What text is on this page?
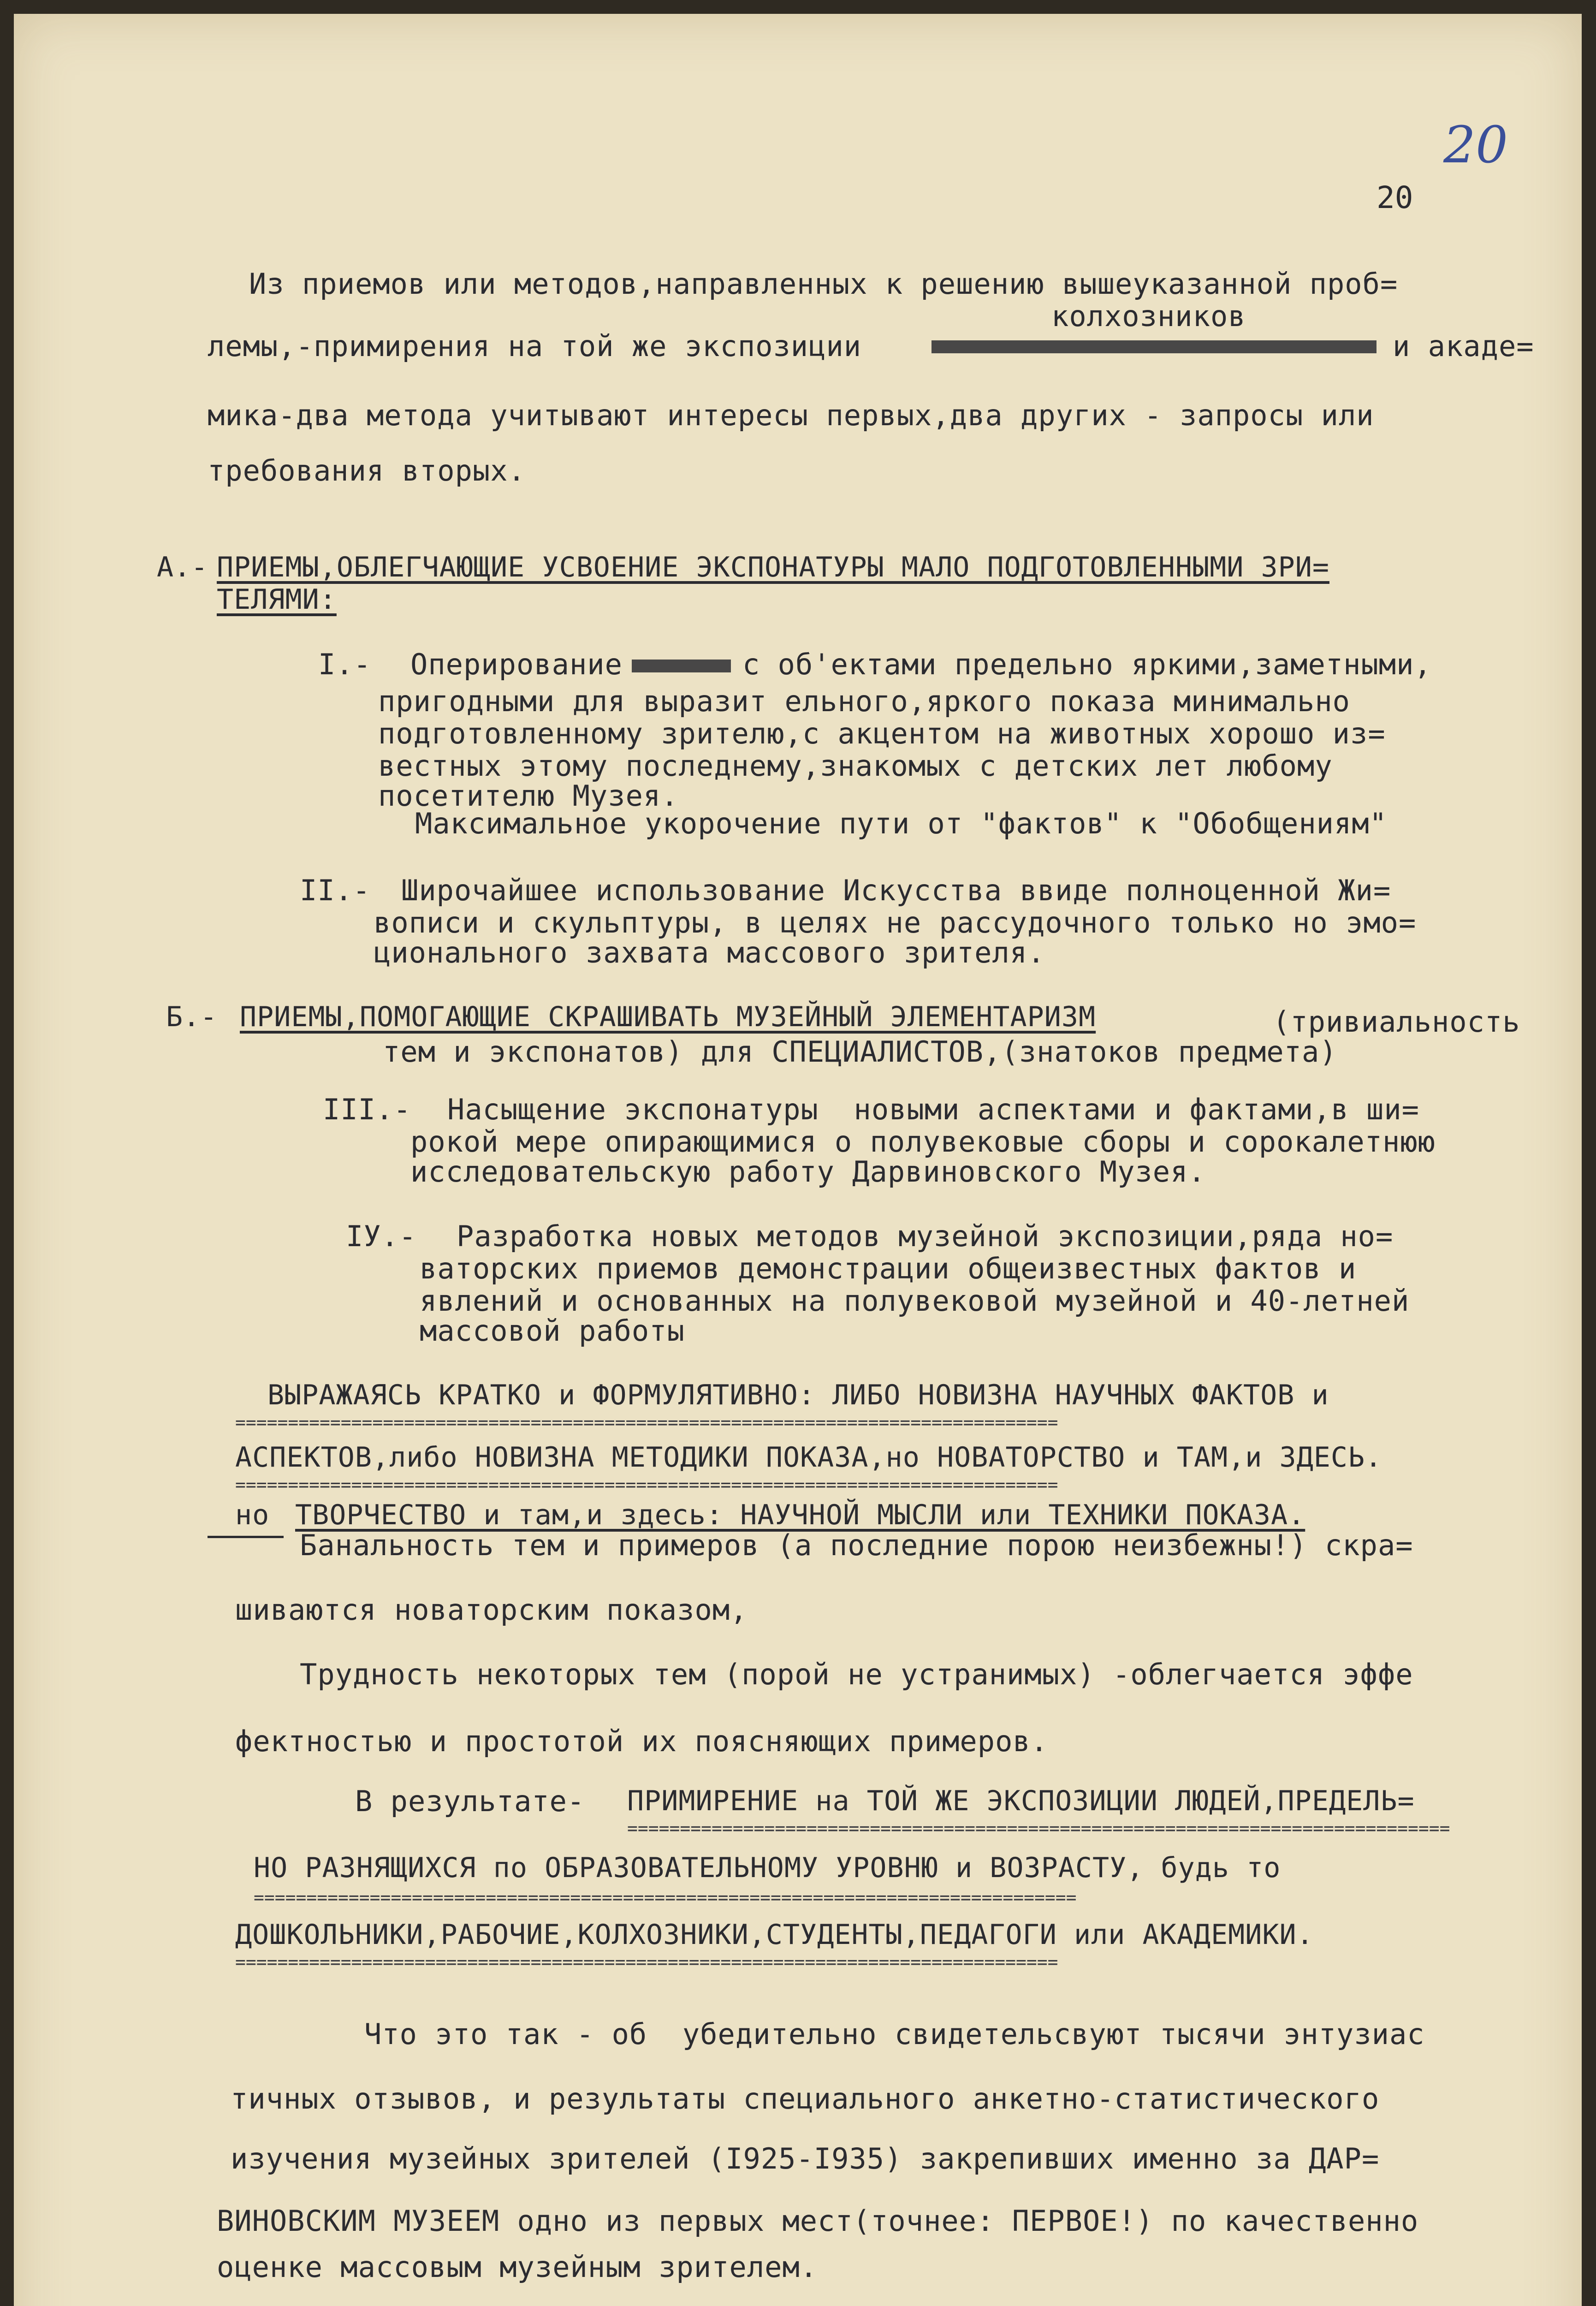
20
20
Из приемов или методов,направленных к решению вышеуказанной проб=
колхозников
лемы,-примирения на той же экспозиции	и акаде=
мика-два метода учитывают интересы первых,два других - запросы или
требования вторых.
А.- ПРИЕМЫ,ОБЛЕГЧАЮЩИЕ УСВОЕНИЕ ЭКСПОНАТУРЫ МАЛО ПОДГОТОВЛЕННЫМИ ЗРИ=
ТЕЛЯМИ:
I.- Оперирование	с об'ектами предельно яркими,заметными,
пригодными для выразит ельного,яркого показа минимально
подготовленному зрителю,с акцентом на животных хорошо из=
вестных этому последнему,знакомых с детских лет любому
посетителю Музея.
Максимальное укорочение пути от "фактов" к "Обобщениям"
II.- Широчайшее использование Искусства ввиде полноценной Жи=
вописи и скульптуры, в целях не рассудочного только но эмо=
ционального захвата массового зрителя.
Б.- ПРИЕМЫ,ПОМОГАЮЩИЕ СКРАШИВАТЬ МУЗЕЙНЫЙ ЭЛЕМЕНТАРИЗМ	(тривиальность
тем и экспонатов) для СПЕЦИАЛИСТОВ,(знатоков предмета)
III.- Насыщение экспонатуры  новыми аспектами и фактами,в ши=
рокой мере опирающимися о полувековые сборы и сорокалетнюю
исследовательскую работу Дарвиновского Музея.
IУ.- Разработка новых методов музейной экспозиции,ряда но=
ваторских приемов демонстрации общеизвестных фактов и
явлений и основанных на полувековой музейной и 40-летней
массовой работы
ВЫРАЖАЯСЬ КРАТКО и ФОРМУЛЯТИВНО: ЛИБО НОВИЗНА НАУЧНЫХ ФАКТОВ и
==============================================================================
АСПЕКТОВ,либо НОВИЗНА МЕТОДИКИ ПОКАЗА,но НОВАТОРСТВО и ТАМ,и ЗДЕСЬ.
==============================================================================
но ТВОРЧЕСТВО и там,и здесь: НАУЧНОЙ МЫСЛИ или ТЕХНИКИ ПОКАЗА.
Банальность тем и примеров (а последние порою неизбежны!) скра=
шиваются новаторским показом,
Трудность некоторых тем (порой не устранимых) -облегчается эффе
фектностью и простотой их поясняющих примеров.
В результате- ПРИМИРЕНИЕ на ТОЙ ЖЕ ЭКСПОЗИЦИИ ЛЮДЕЙ,ПРЕДЕЛЬ=
==============================================================================
НО РАЗНЯЩИХСЯ по ОБРАЗОВАТЕЛЬНОМУ УРОВНЮ и ВОЗРАСТУ, будь то
==============================================================================
ДОШКОЛЬНИКИ,РАБОЧИЕ,КОЛХОЗНИКИ,СТУДЕНТЫ,ПЕДАГОГИ или АКАДЕМИКИ.
==============================================================================
Что это так - об  убедительно свидетельсвуют тысячи энтузиас
тичных отзывов, и результаты специального анкетно-статистического
изучения музейных зрителей (I925-I935) закрепивших именно за ДАР=
ВИНОВСКИМ МУЗЕЕМ одно из первых мест(точнее: ПЕРВОЕ!) по качественно
оценке массовым музейным зрителем.
